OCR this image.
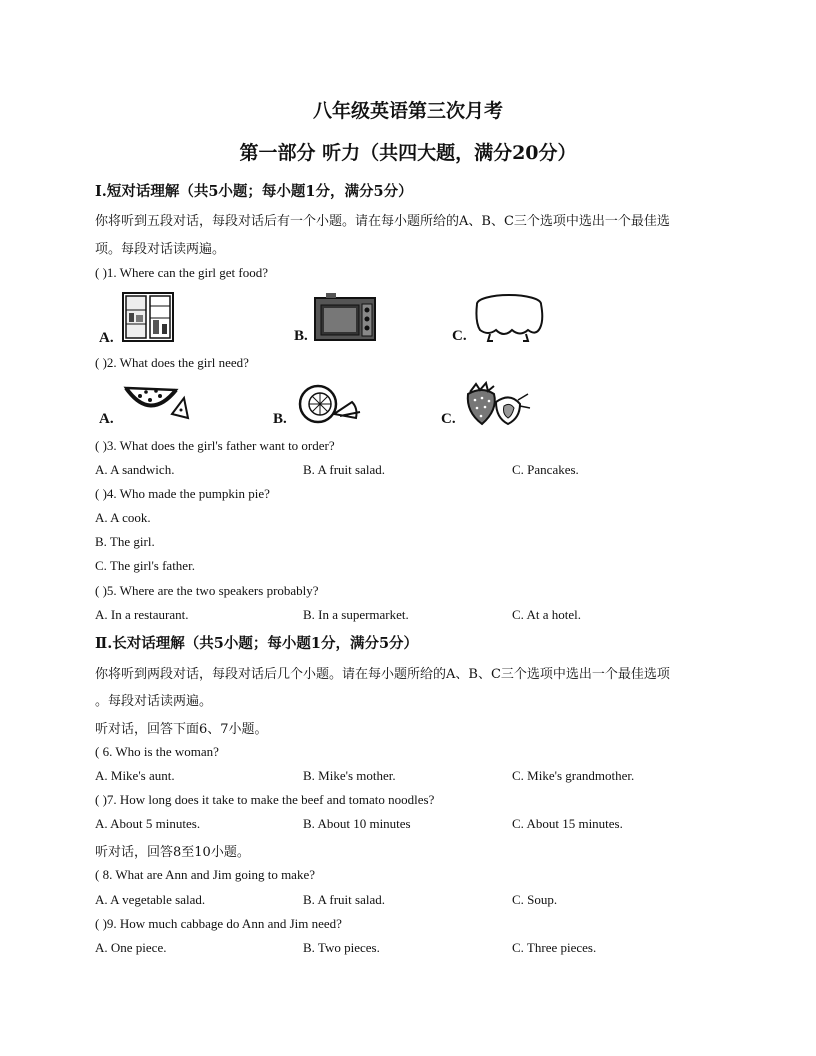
八年级英语第三次月考
第一部分 听力（共四大题，满分20分）
Ⅰ.短对话理解（共5小题；每小题1分，满分5分）
你将听到五段对话，每段对话后有一个小题。请在每小题所给的A、B、C三个选项中选出一个最佳选
项。每段对话读两遍。
( )1. Where can the girl get food?
A.	B.	C.
( )2. What does the girl need?
A.	B.	C.
( )3. What does the girl's father want to order?
A. A sandwich.	B. A fruit salad.	C. Pancakes.
( )4. Who made the pumpkin pie?
A. A cook.
B. The girl.
C. The girl's father.
( )5. Where are the two speakers probably?
A. In a restaurant.	B. In a supermarket.	C. At a hotel.
Ⅱ.长对话理解（共5小题；每小题1分，满分5分）
你将听到两段对话，每段对话后几个小题。请在每小题所给的A、B、C三个选项中选出一个最佳选项
。每段对话读两遍。
听对话，回答下面6、7小题。
( 6. Who is the woman?
A. Mike's aunt.	B. Mike's mother.	C. Mike's grandmother.
( )7. How long does it take to make the beef and tomato noodles?
A. About 5 minutes.	B. About 10 minutes	C. About 15 minutes.
听对话，回答8至10小题。
( 8. What are Ann and Jim going to make?
A. A vegetable salad.	B. A fruit salad.	C. Soup.
( )9. How much cabbage do Ann and Jim need?
A. One piece.	B. Two pieces.	C. Three pieces.
